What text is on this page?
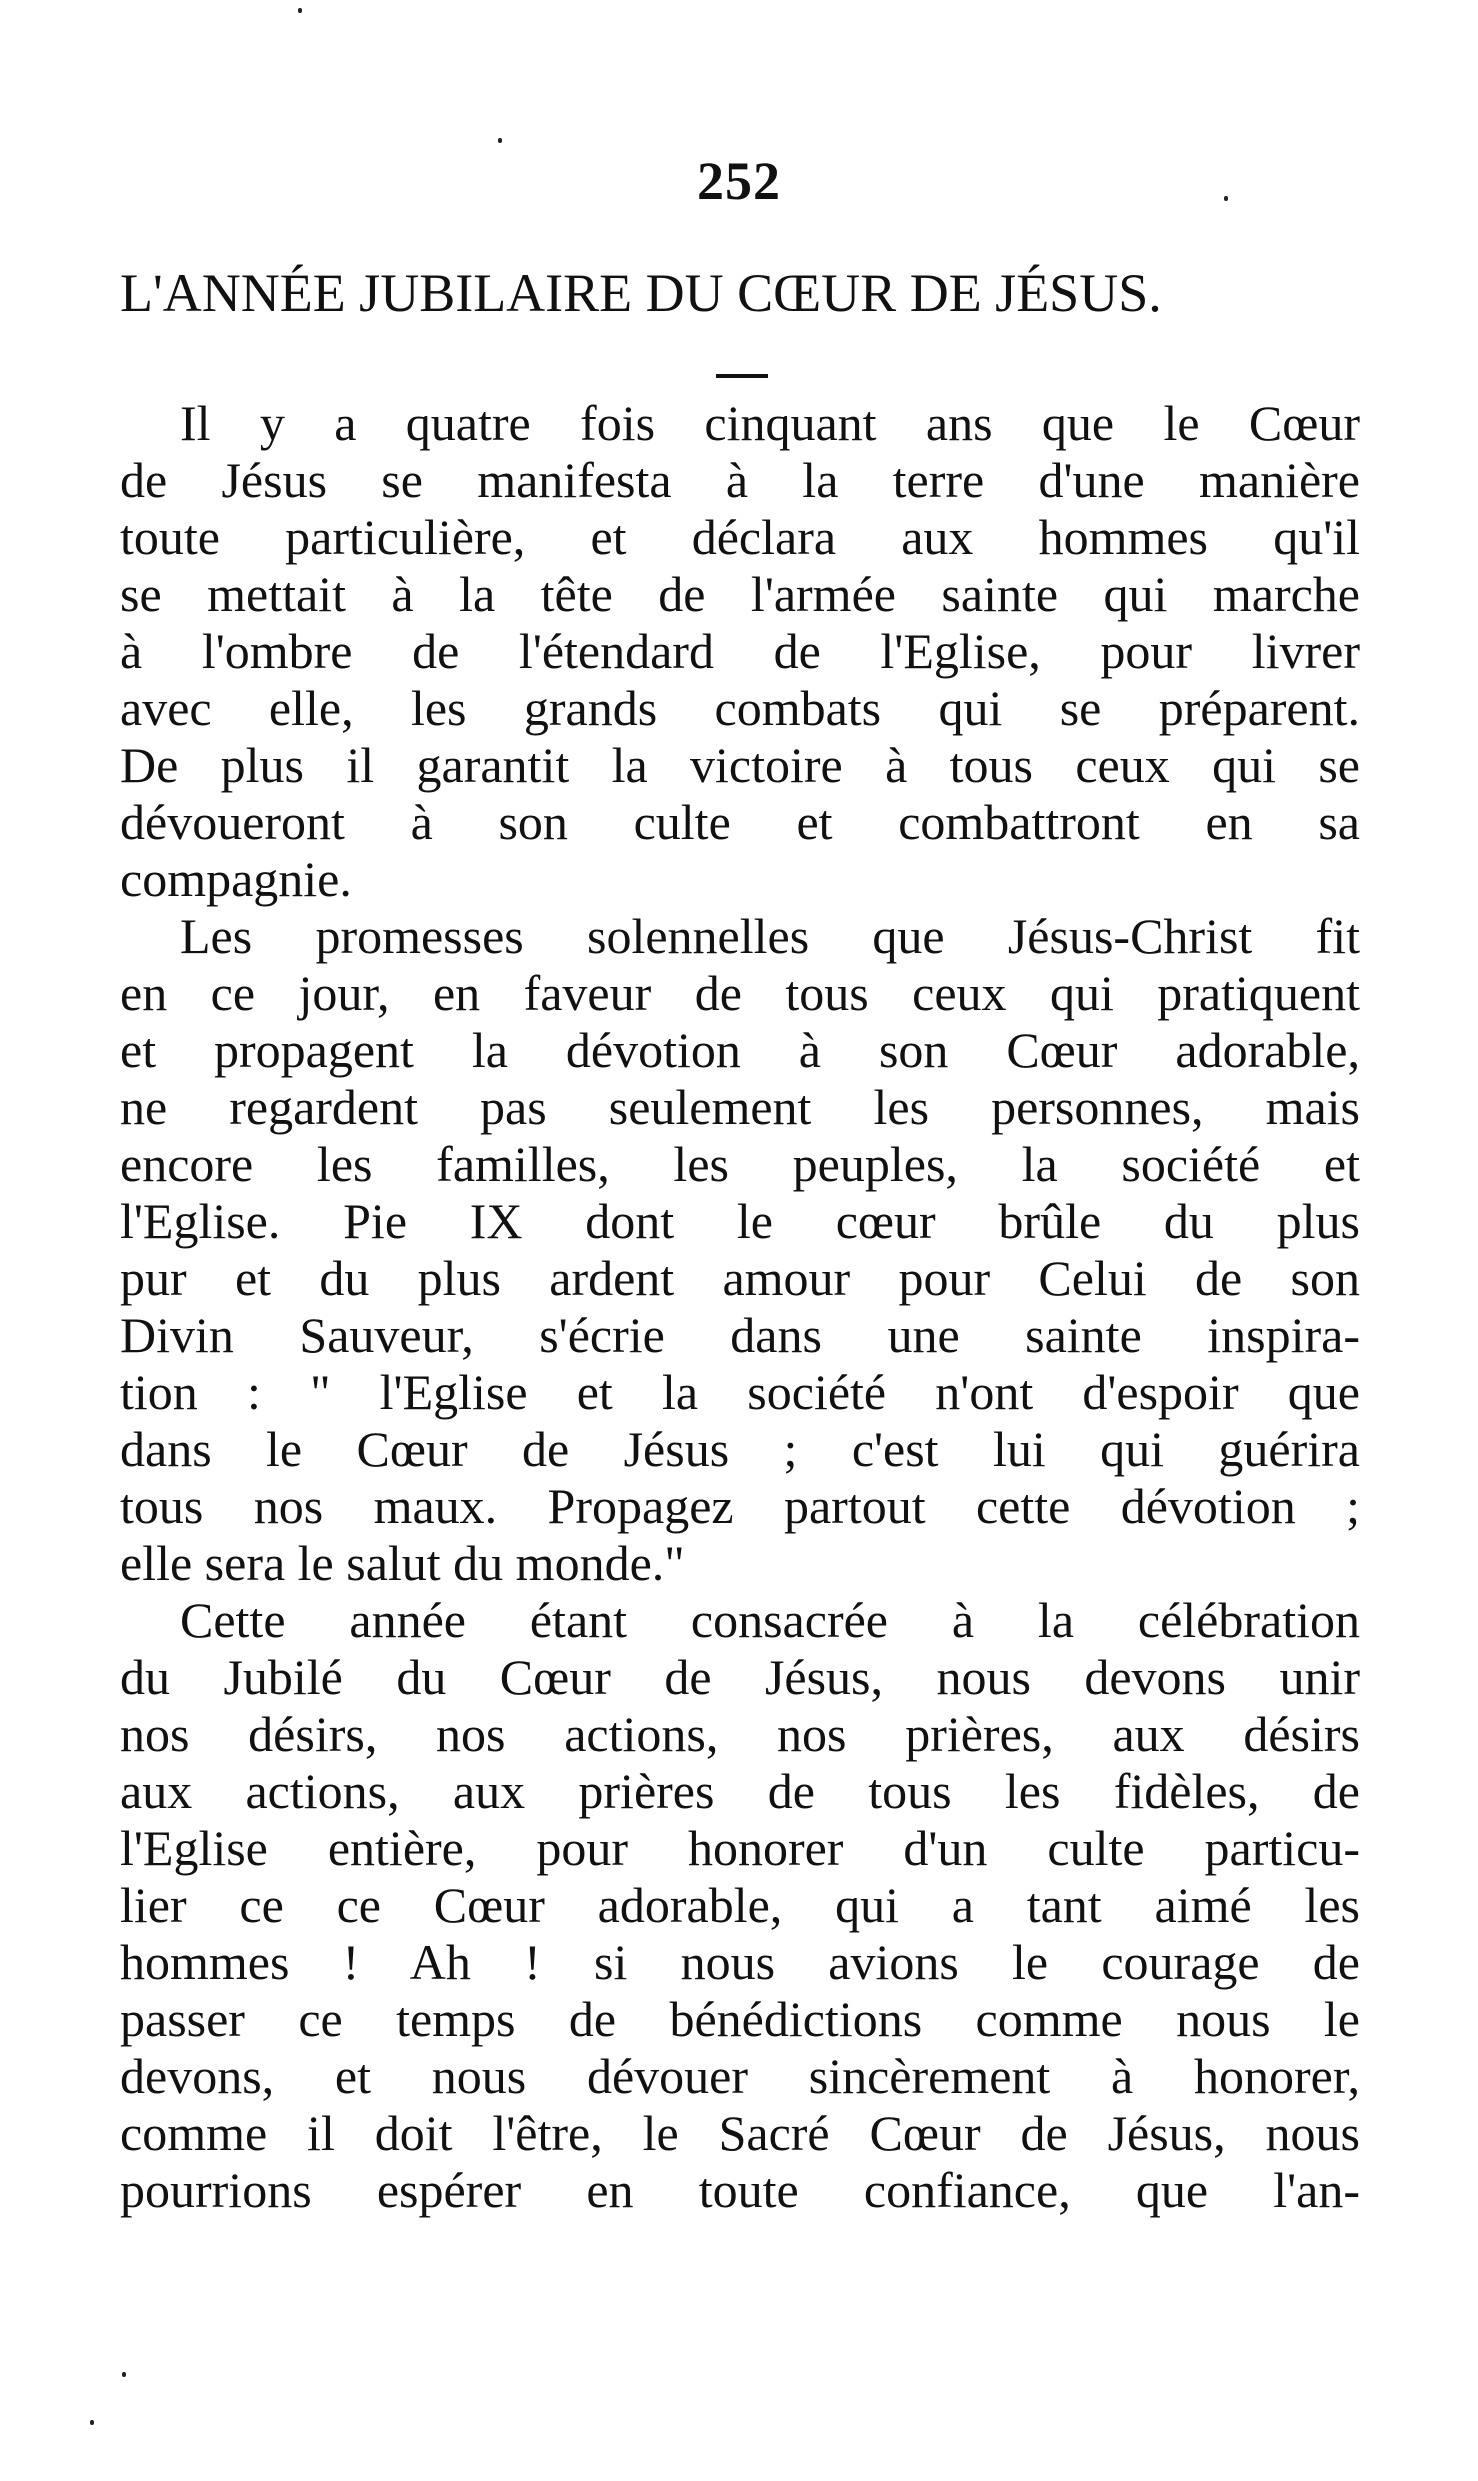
252
L'ANNÉE JUBILAIRE DU CŒUR DE JÉSUS.
Il y a quatre fois cinquant ans que le Cœur
de Jésus se manifesta à la terre d'une manière
toute particulière, et déclara aux hommes qu'il
se mettait à la tête de l'armée sainte qui marche
à l'ombre de l'étendard de l'Eglise, pour livrer
avec elle, les grands combats qui se préparent.
De plus il garantit la victoire à tous ceux qui se
dévoueront à son culte et combattront en sa
compagnie.
Les promesses solennelles que Jésus-Christ fit
en ce jour, en faveur de tous ceux qui pratiquent
et propagent la dévotion à son Cœur adorable,
ne regardent pas seulement les personnes, mais
encore les familles, les peuples, la société et
l'Eglise. Pie IX dont le cœur brûle du plus
pur et du plus ardent amour pour Celui de son
Divin Sauveur, s'écrie dans une sainte inspira-
tion : " l'Eglise et la société n'ont d'espoir que
dans le Cœur de Jésus ; c'est lui qui guérira
tous nos maux. Propagez partout cette dévotion ;
elle sera le salut du monde."
Cette année étant consacrée à la célébration
du Jubilé du Cœur de Jésus, nous devons unir
nos désirs, nos actions, nos prières, aux désirs
aux actions, aux prières de tous les fidèles, de
l'Eglise entière, pour honorer d'un culte particu-
lier ce ce Cœur adorable, qui a tant aimé les
hommes ! Ah ! si nous avions le courage de
passer ce temps de bénédictions comme nous le
devons, et nous dévouer sincèrement à honorer,
comme il doit l'être, le Sacré Cœur de Jésus, nous
pourrions espérer en toute confiance, que l'an-
